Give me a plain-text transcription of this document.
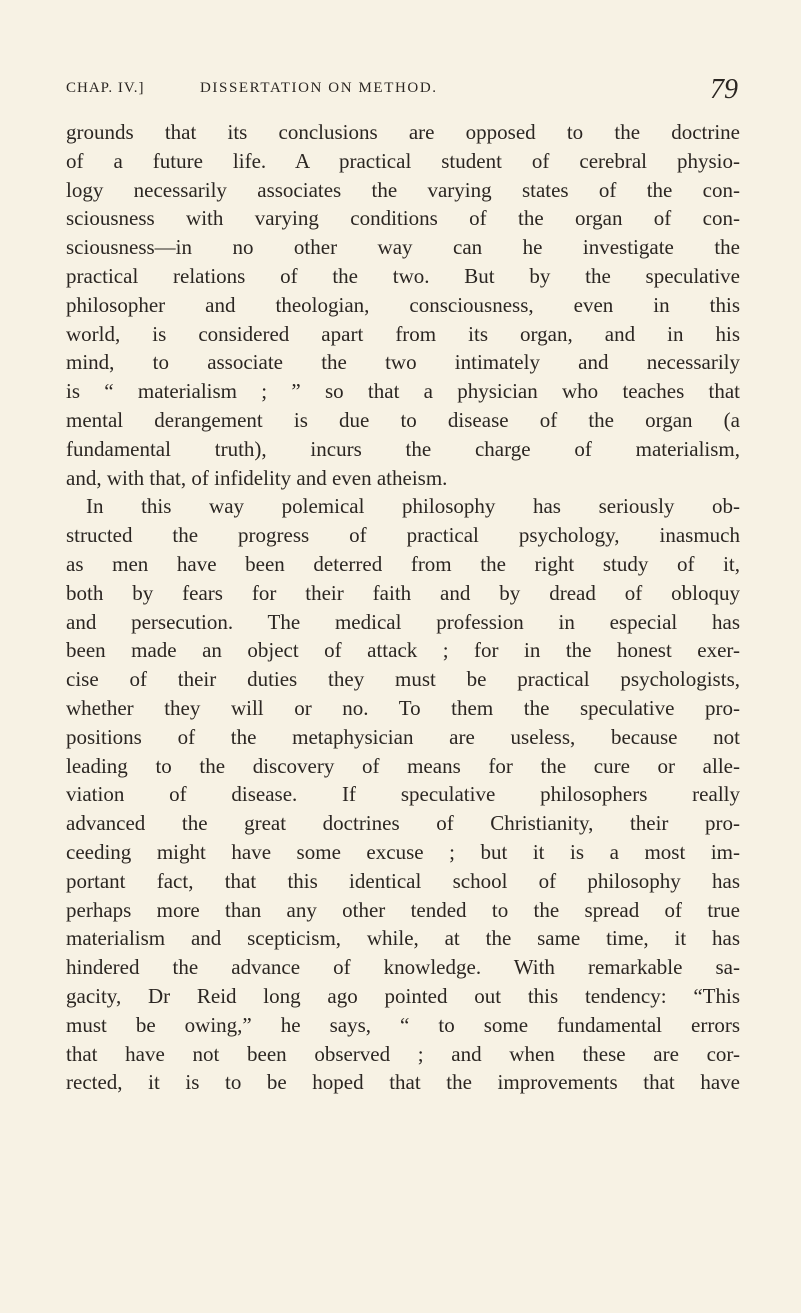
CHAP. IV.]	DISSERTATION ON METHOD.	79
grounds that its conclusions are opposed to the doctrine
of a future life. A practical student of cerebral physio-
logy necessarily associates the varying states of the con-
sciousness with varying conditions of the organ of con-
sciousness—in no other way can he investigate the
practical relations of the two. But by the speculative
philosopher and theologian, consciousness, even in this
world, is considered apart from its organ, and in his
mind, to associate the two intimately and necessarily
is “ materialism ; ” so that a physician who teaches that
mental derangement is due to disease of the organ (a
fundamental truth), incurs the charge of materialism,
and, with that, of infidelity and even atheism.
In this way polemical philosophy has seriously ob-
structed the progress of practical psychology, inasmuch
as men have been deterred from the right study of it,
both by fears for their faith and by dread of obloquy
and persecution. The medical profession in especial has
been made an object of attack ; for in the honest exer-
cise of their duties they must be practical psychologists,
whether they will or no. To them the speculative pro-
positions of the metaphysician are useless, because not
leading to the discovery of means for the cure or alle-
viation of disease. If speculative philosophers really
advanced the great doctrines of Christianity, their pro-
ceeding might have some excuse ; but it is a most im-
portant fact, that this identical school of philosophy has
perhaps more than any other tended to the spread of true
materialism and scepticism, while, at the same time, it has
hindered the advance of knowledge. With remarkable sa-
gacity, Dr Reid long ago pointed out this tendency: “This
must be owing,” he says, “ to some fundamental errors
that have not been observed ; and when these are cor-
rected, it is to be hoped that the improvements that have
